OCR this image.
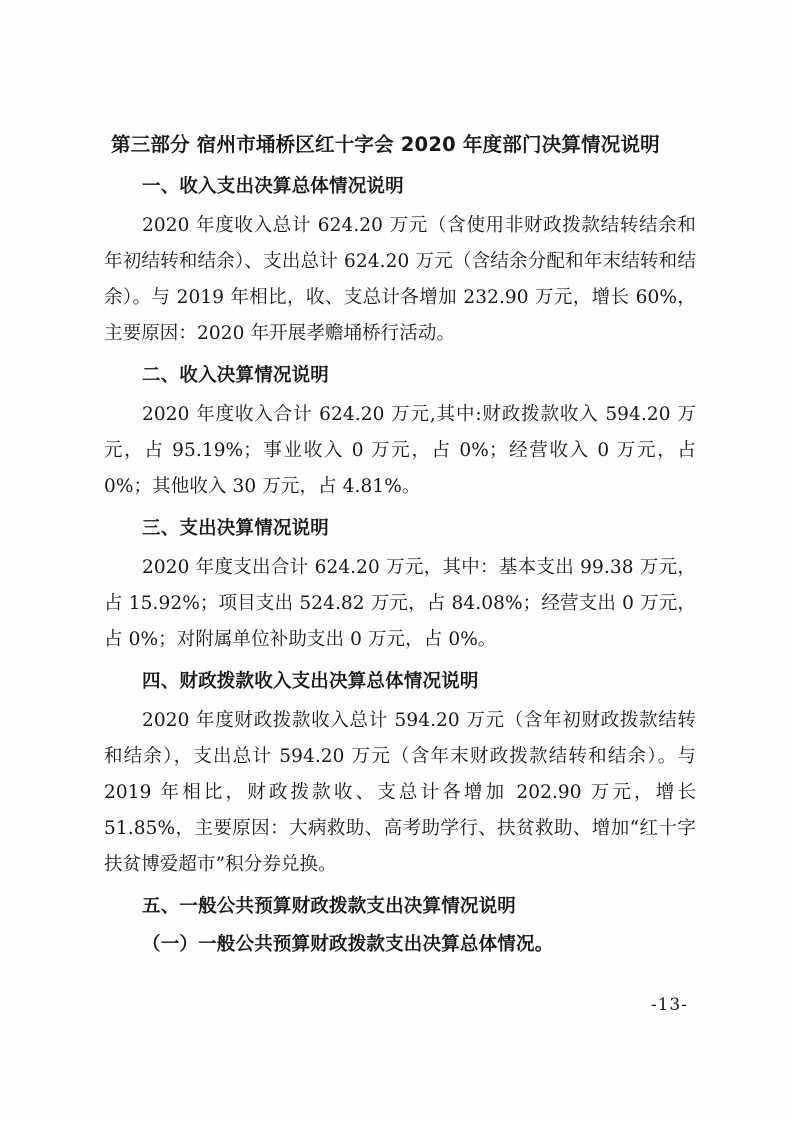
第三部分 宿州市埇桥区红十字会 2020 年度部门决算情况说明
一、收入支出决算总体情况说明

2020 年度收入总计 624.20 万元（含使用非财政拨款结转结余和年初结转和结余）、支出总计 624.20 万元（含结余分配和年末结转和结余）。与 2019 年相比，收、支总计各增加 232.90 万元，增长 60%，主要原因：2020 年开展孝赡埇桥行活动。

二、收入决算情况说明

2020 年度收入合计 624.20 万元,其中:财政拨款收入 594.20 万元，占 95.19%；事业收入 0 万元，占 0%；经营收入 0 万元，占 0%；其他收入 30 万元，占 4.81%。

三、支出决算情况说明

2020 年度支出合计 624.20 万元，其中：基本支出 99.38 万元，占 15.92%；项目支出 524.82 万元，占 84.08%；经营支出 0 万元，占 0%；对附属单位补助支出 0 万元，占 0%。

四、财政拨款收入支出决算总体情况说明

2020 年度财政拨款收入总计 594.20 万元（含年初财政拨款结转和结余），支出总计 594.20 万元（含年末财政拨款结转和结余）。与 2019 年相比，财政拨款收、支总计各增加 202.90 万元，增长 51.85%，主要原因：大病救助、高考助学行、扶贫救助、增加“红十字扶贫博爱超市”积分券兑换。

五、一般公共预算财政拨款支出决算情况说明

（一）一般公共预算财政拨款支出决算总体情况。

-13-
